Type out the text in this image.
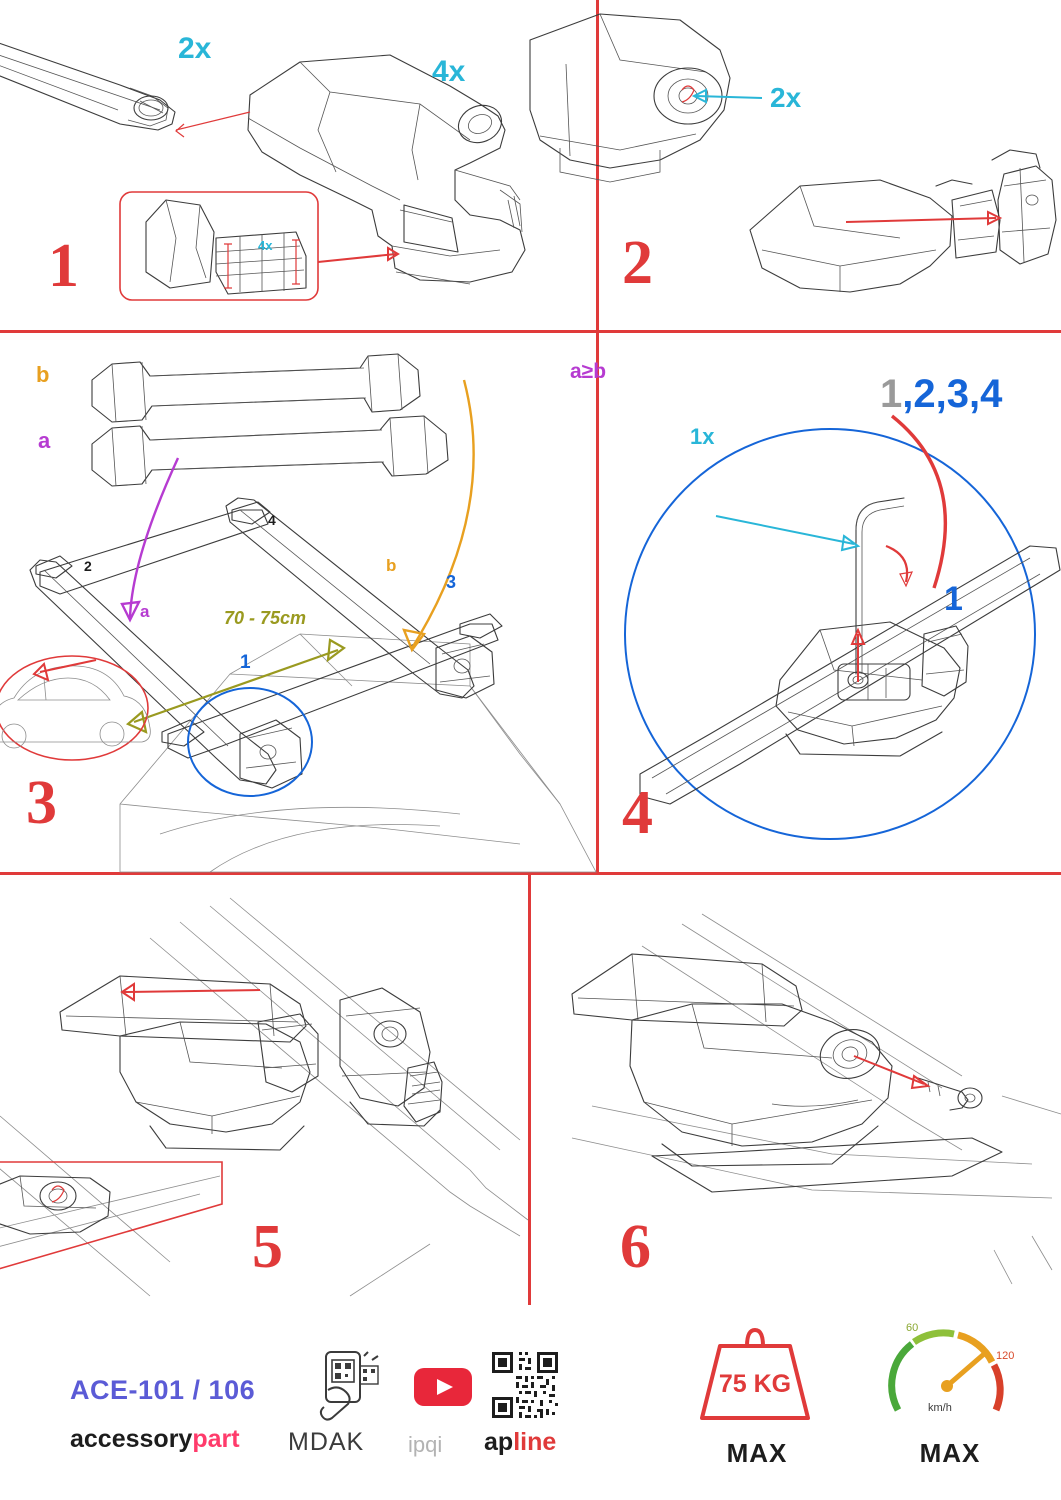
2x
4x
4x
1
2x
2
b
a
a
b
70 - 75cm
1
2
3
4
3
a≥b
1x
1
1,2,3,4
4
5	6
ACE-101 / 106
accessorypart MDAK ipqi apline
75 KG
MAX
60
120
km/h
MAX
